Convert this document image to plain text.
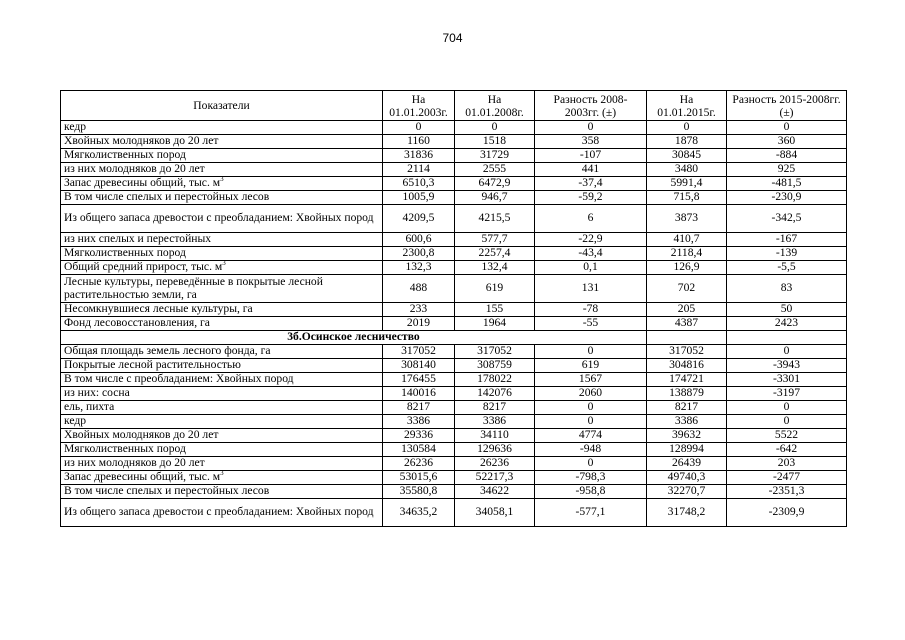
704
Показатели	На 01.01.2003г.	На 01.01.2008г.	Разность 2008-2003гг. (±)	На 01.01.2015г.	Разность 2015-2008гг. (±)
кедр	0	0	0	0	0
Хвойных молодняков до 20 лет	1160	1518	358	1878	360
Мягколиственных пород	31836	31729	-107	30845	-884
из них молодняков до 20 лет	2114	2555	441	3480	925
Запас древесины общий, тыс. $м^3$	6510,3	6472,9	-37,4	5991,4	-481,5
В том числе спелых и перестойных лесов	1005,9	946,7	-59,2	715,8	-230,9
Из общего запаса древостои с преобладанием: Хвойных пород	4209,5	4215,5	6	3873	-342,5
из них спелых и перестойных	600,6	577,7	-22,9	410,7	-167
Мягколиственных пород	2300,8	2257,4	-43,4	2118,4	-139
Общий средний прирост, тыс. $м^3$	132,3	132,4	0,1	126,9	-5,5
Лесные культуры, переведённые в покрытые лесной растительностью земли, га	488	619	131	702	83
Несомкнувшиеся лесные культуры, га	233	155	-78	205	50
Фонд лесовосстановления, га	2019	1964	-55	4387	2423
3б.Осинское лесничество					
Общая площадь земель лесного фонда, га	317052	317052	0	317052	0
Покрытые лесной растительностью	308140	308759	619	304816	-3943
В том числе с преобладанием: Хвойных пород	176455	178022	1567	174721	-3301
из них: сосна	140016	142076	2060	138879	-3197
ель, пихта	8217	8217	0	8217	0
кедр	3386	3386	0	3386	0
Хвойных молодняков до 20 лет	29336	34110	4774	39632	5522
Мягколиственных пород	130584	129636	-948	128994	-642
из них молодняков до 20 лет	26236	26236	0	26439	203
Запас древесины общий, тыс. $м^3$	53015,6	52217,3	-798,3	49740,3	-2477
В том числе спелых и перестойных лесов	35580,8	34622	-958,8	32270,7	-2351,3
Из общего запаса древостои с преобладанием: Хвойных пород	34635,2	34058,1	-577,1	31748,2	-2309,9
